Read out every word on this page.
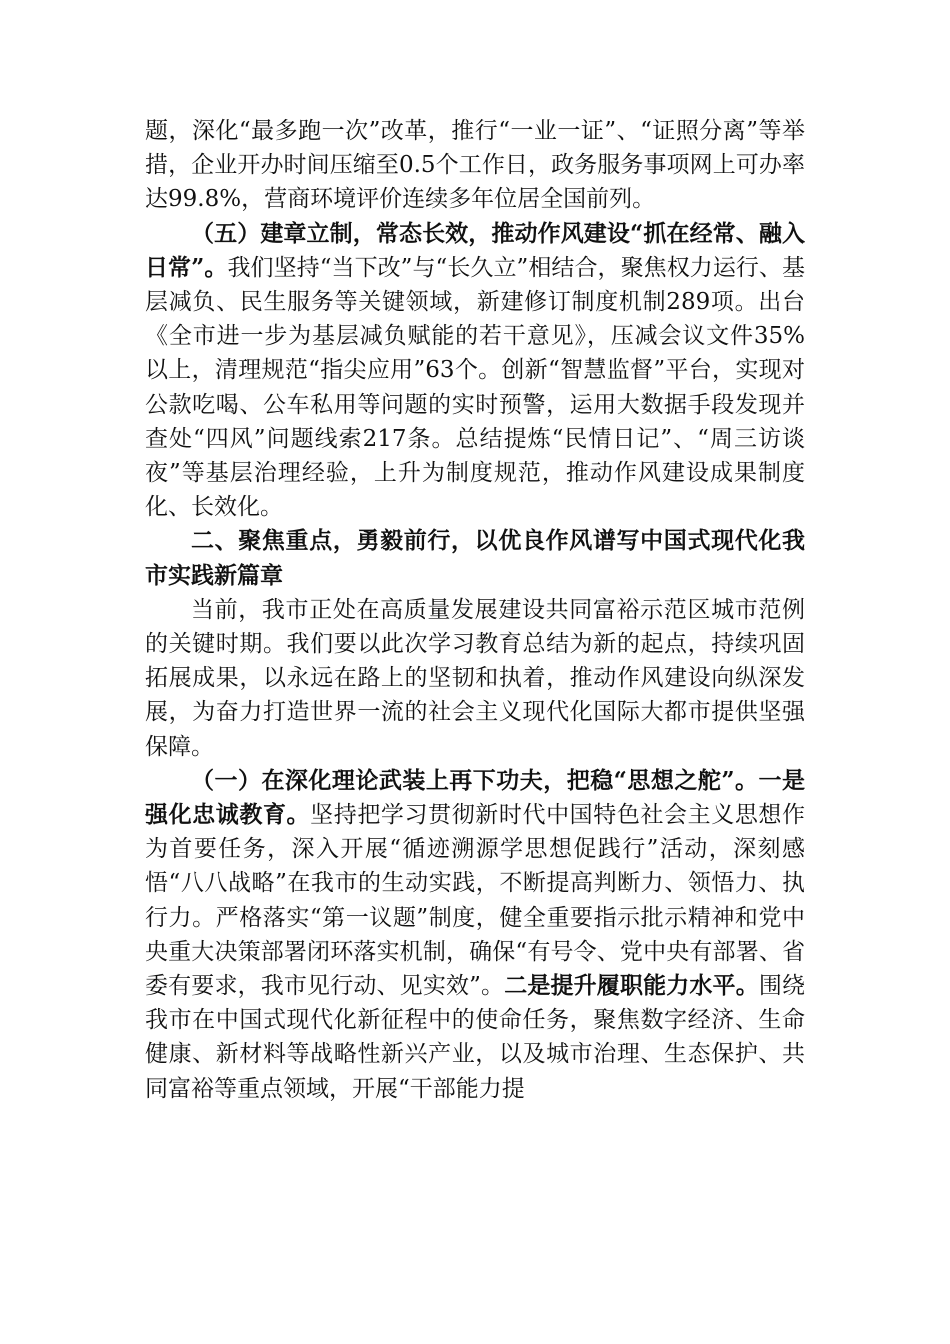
题，深化“最多跑一次”改革，推行“一业一证”、“证照分离”等举措，企业开办时间压缩至0.5个工作日，政务服务事项网上可办率达99.8%，营商环境评价连续多年位居全国前列。

（五）建章立制，常态长效，推动作风建设“抓在经常、融入日常”。我们坚持“当下改”与“长久立”相结合，聚焦权力运行、基层减负、民生服务等关键领域，新建修订制度机制289项。出台《全市进一步为基层减负赋能的若干意见》，压减会议文件35%以上，清理规范“指尖应用”63个。创新“智慧监督”平台，实现对公款吃喝、公车私用等问题的实时预警，运用大数据手段发现并查处“四风”问题线索217条。总结提炼“民情日记”、“周三访谈夜”等基层治理经验，上升为制度规范，推动作风建设成果制度化、长效化。

二、聚焦重点，勇毅前行，以优良作风谱写中国式现代化我市实践新篇章

当前，我市正处在高质量发展建设共同富裕示范区城市范例的关键时期。我们要以此次学习教育总结为新的起点，持续巩固拓展成果，以永远在路上的坚韧和执着，推动作风建设向纵深发展，为奋力打造世界一流的社会主义现代化国际大都市提供坚强保障。

（一）在深化理论武装上再下功夫，把稳“思想之舵”。一是强化忠诚教育。坚持把学习贯彻新时代中国特色社会主义思想作为首要任务，深入开展“循迹溯源学思想促践行”活动，深刻感悟“八八战略”在我市的生动实践，不断提高判断力、领悟力、执行力。严格落实“第一议题”制度，健全重要指示批示精神和党中央重大决策部署闭环落实机制，确保“有号令、党中央有部署、省委有要求，我市见行动、见实效”。二是提升履职能力水平。围绕我市在中国式现代化新征程中的使命任务，聚焦数字经济、生命健康、新材料等战略性新兴产业，以及城市治理、生态保护、共同富裕等重点领域，开展“干部能力提
